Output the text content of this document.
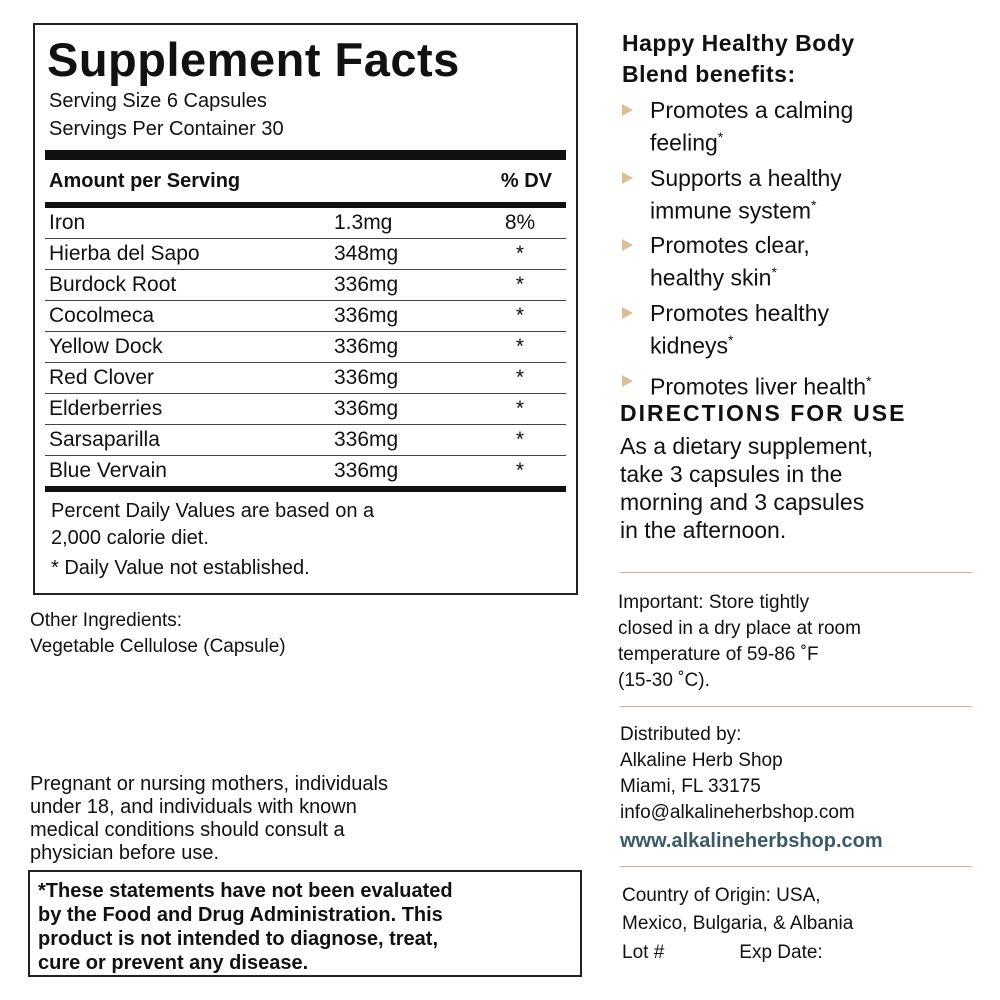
Supplement Facts
Serving Size 6 Capsules
Servings Per Container 30
Amount per Serving	% DV
Iron	1.3mg	8%
Hierba del Sapo	348mg	*
Burdock Root	336mg	*
Cocolmeca	336mg	*
Yellow Dock	336mg	*
Red Clover	336mg	*
Elderberries	336mg	*
Sarsaparilla	336mg	*
Blue Vervain	336mg	*
Percent Daily Values are based on a
2,000 calorie diet.
* Daily Value not established.
Other Ingredients:
Vegetable Cellulose (Capsule)
Pregnant or nursing mothers, individuals
under 18, and individuals with known
medical conditions should consult a
physician before use.
*These statements have not been evaluated
by the Food and Drug Administration. This
product is not intended to diagnose, treat,
cure or prevent any disease.
Happy Healthy Body
Blend benefits:
Promotes a calming
feeling*
Supports a healthy
immune system*
Promotes clear,
healthy skin*
Promotes healthy
kidneys*
Promotes liver health*
DIRECTIONS FOR USE
As a dietary supplement,
take 3 capsules in the
morning and 3 capsules
in the afternoon.
Important: Store tightly
closed in a dry place at room
temperature of 59-86 ˚F
(15-30 ˚C).
Distributed by:
Alkaline Herb Shop
Miami, FL 33175
info@alkalineherbshop.com
www.alkalineherbshop.com
Country of Origin: USA,
Mexico, Bulgaria, & Albania
Lot #	Exp Date:
